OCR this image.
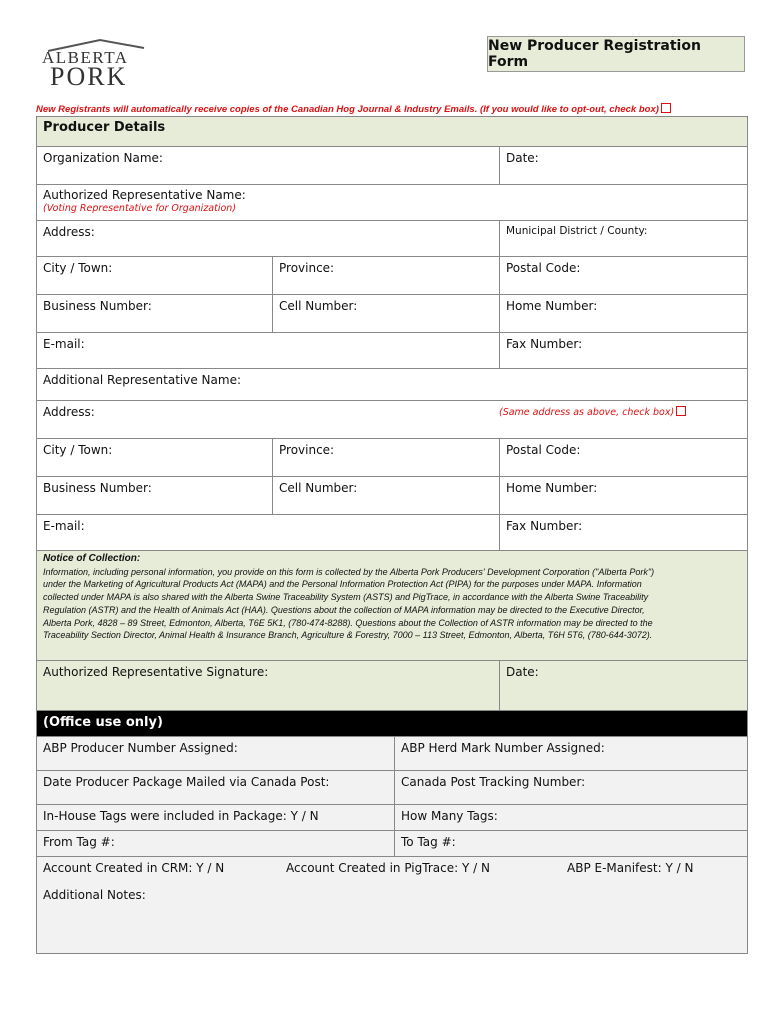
ALBERTA
PORK
New Producer Registration Form
New Registrants will automatically receive copies of the Canadian Hog Journal & Industry Emails. (If you would like to opt-out, check box)
Producer Details
Organization Name:	Date:
Authorized Representative Name:
(Voting Representative for Organization)
Address:	Municipal District / County:
City / Town:	Province:	Postal Code:
Business Number:	Cell Number:	Home Number:
E-mail:	Fax Number:
Additional Representative Name:
Address:	(Same address as above, check box)
City / Town:	Province:	Postal Code:
Business Number:	Cell Number:	Home Number:
E-mail:	Fax Number:
Notice of Collection:
Information, including personal information, you provide on this form is collected by the Alberta Pork Producers' Development Corporation ("Alberta Pork")
under the Marketing of Agricultural Products Act (MAPA) and the Personal Information Protection Act (PIPA) for the purposes under MAPA. Information
collected under MAPA is also shared with the Alberta Swine Traceability System (ASTS) and PigTrace, in accordance with the Alberta Swine Traceability
Regulation (ASTR) and the Health of Animals Act (HAA). Questions about the collection of MAPA information may be directed to the Executive Director,
Alberta Pork, 4828 – 89 Street, Edmonton, Alberta, T6E 5K1, (780-474-8288). Questions about the Collection of ASTR information may be directed to the
Traceability Section Director, Animal Health & Insurance Branch, Agriculture & Forestry, 7000 – 113 Street, Edmonton, Alberta, T6H 5T6, (780-644-3072).
Authorized Representative Signature:	Date:
(Office use only)
ABP Producer Number Assigned:	ABP Herd Mark Number Assigned:
Date Producer Package Mailed via Canada Post:	Canada Post Tracking Number:
In-House Tags were included in Package: Y / N	How Many Tags:
From Tag #:	To Tag #:
Account Created in CRM: Y / N	Account Created in PigTrace: Y / N	ABP E-Manifest: Y / N
Additional Notes:
